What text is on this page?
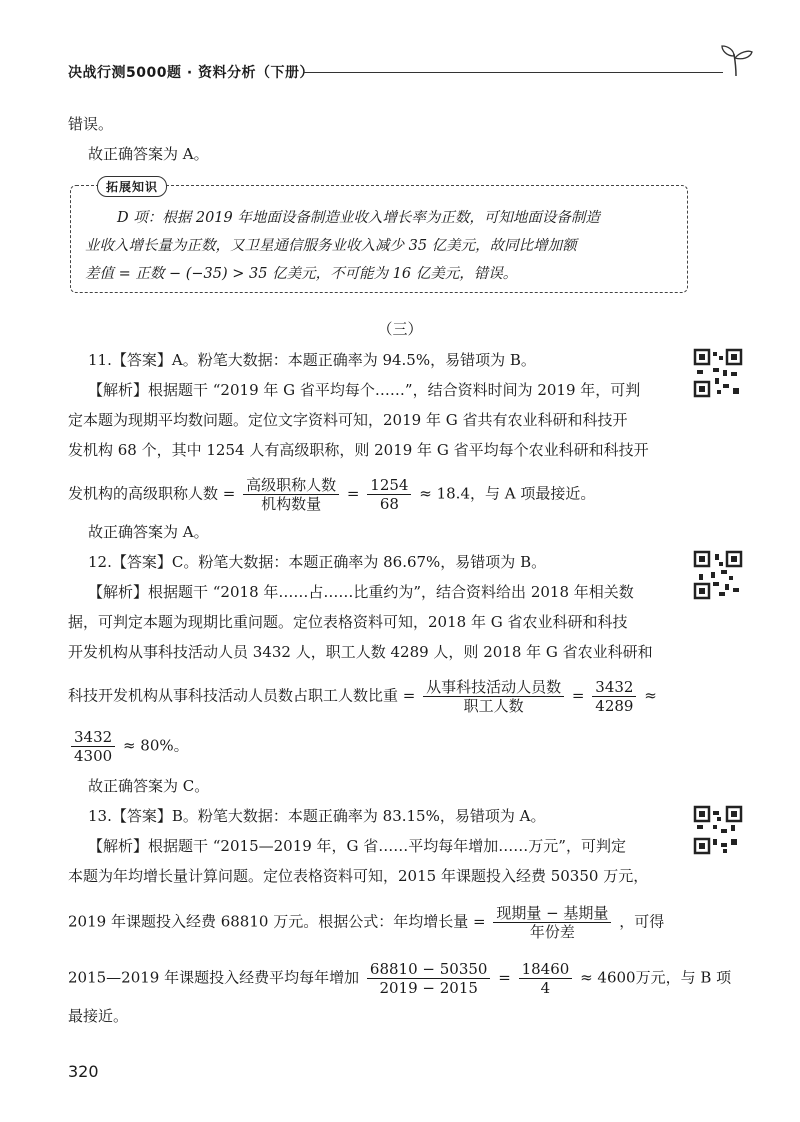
决战行测5000题 · 资料分析（下册）
错误。
故正确答案为 A。
拓展知识
D 项：根据 2019 年地面设备制造业收入增长率为正数，可知地面设备制造
业收入增长量为正数，又卫星通信服务业收入减少 35 亿美元，故同比增加额
差值 = 正数 − (−35) > 35 亿美元，不可能为 16 亿美元，错误。
（三）
11.【答案】A。粉笔大数据：本题正确率为 94.5%，易错项为 B。
【解析】根据题干 “2019 年 G 省平均每个……”，结合资料时间为 2019 年，可判
定本题为现期平均数问题。定位文字资料可知，2019 年 G 省共有农业科研和科技开
发机构 68 个，其中 1254 人有高级职称，则 2019 年 G 省平均每个农业科研和科技开
发机构的高级职称人数 = $\frac{\text{高级职称人数}}{\text{机构数量}} = \frac{1254}{68} \approx 18.4$，与 A 项最接近。
故正确答案为 A。
12.【答案】C。粉笔大数据：本题正确率为 86.67%，易错项为 B。
【解析】根据题干 “2018 年……占……比重约为”，结合资料给出 2018 年相关数
据，可判定本题为现期比重问题。定位表格资料可知，2018 年 G 省农业科研和科技
开发机构从事科技活动人员 3432 人，职工人数 4289 人，则 2018 年 G 省农业科研和
科技开发机构从事科技活动人员数占职工人数比重 = $\frac{\text{从事科技活动人员数}}{\text{职工人数}} = \frac{3432}{4289}$ ≈
$\frac{3432}{4300} \approx 80\%$。
故正确答案为 C。
13.【答案】B。粉笔大数据：本题正确率为 83.15%，易错项为 A。
【解析】根据题干 “2015—2019 年，G 省……平均每年增加……万元”，可判定
本题为年均增长量计算问题。定位表格资料可知，2015 年课题投入经费 50350 万元，
2019 年课题投入经费 68810 万元。根据公式：年均增长量 = $\frac{\text{现期量 − 基期量}}{\text{年份差}}$ ，可得
2015—2019 年课题投入经费平均每年增加 $\frac{68810 - 50350}{2019 - 2015} = \frac{18460}{4} \approx 4600$万元，与 B 项
最接近。
320
